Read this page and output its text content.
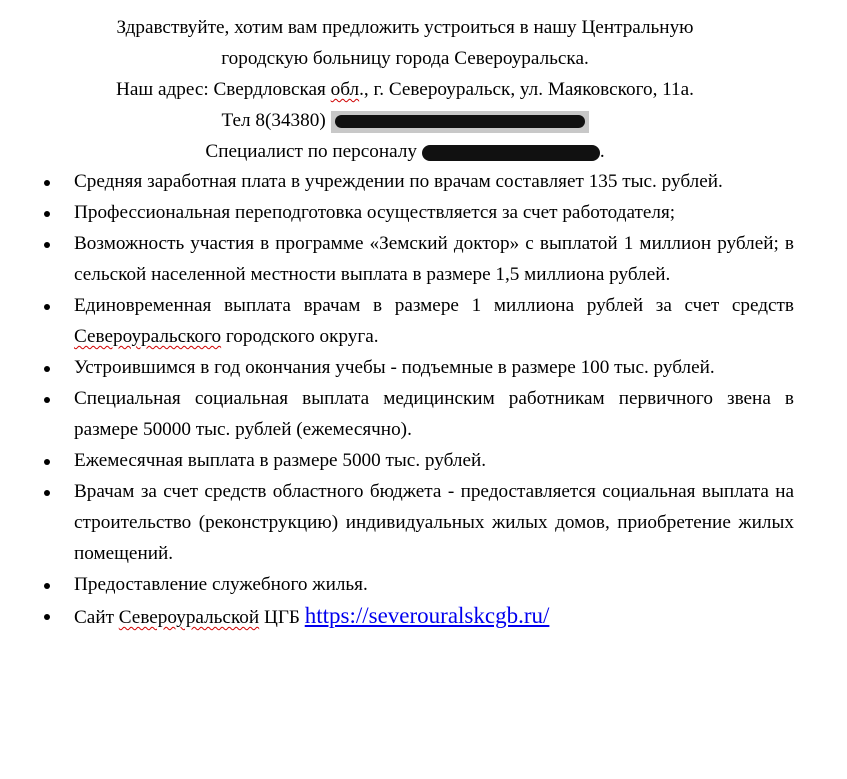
Здравствуйте, хотим вам предложить устроиться в нашу Центральную
городскую больницу города Североуральска.
Наш адрес: Свердловская обл., г. Североуральск, ул. Маяковского, 11а.
Тел 8(34380)
Специалист по персоналу	.
Средняя заработная плата в учреждении по врачам составляет 135 тыс. рублей.
Профессиональная переподготовка осуществляется за счет работодателя;
Возможность участия в программе «Земский доктор» с выплатой 1 миллион рублей; в сельской населенной местности выплата в размере 1,5 миллиона рублей.
Единовременная выплата врачам в размере 1 миллиона рублей за счет средств Североуральского городского округа.
Устроившимся в год окончания учебы - подъемные в размере 100 тыс. рублей.
Специальная социальная выплата медицинским работникам первичного звена в размере 50000 тыс. рублей (ежемесячно).
Ежемесячная выплата в размере 5000 тыс. рублей.
Врачам за счет средств областного бюджета - предоставляется социальная выплата на строительство (реконструкцию) индивидуальных жилых домов, приобретение жилых помещений.
Предоставление служебного жилья.
Сайт Североуральской ЦГБ https://severouralskcgb.ru/
